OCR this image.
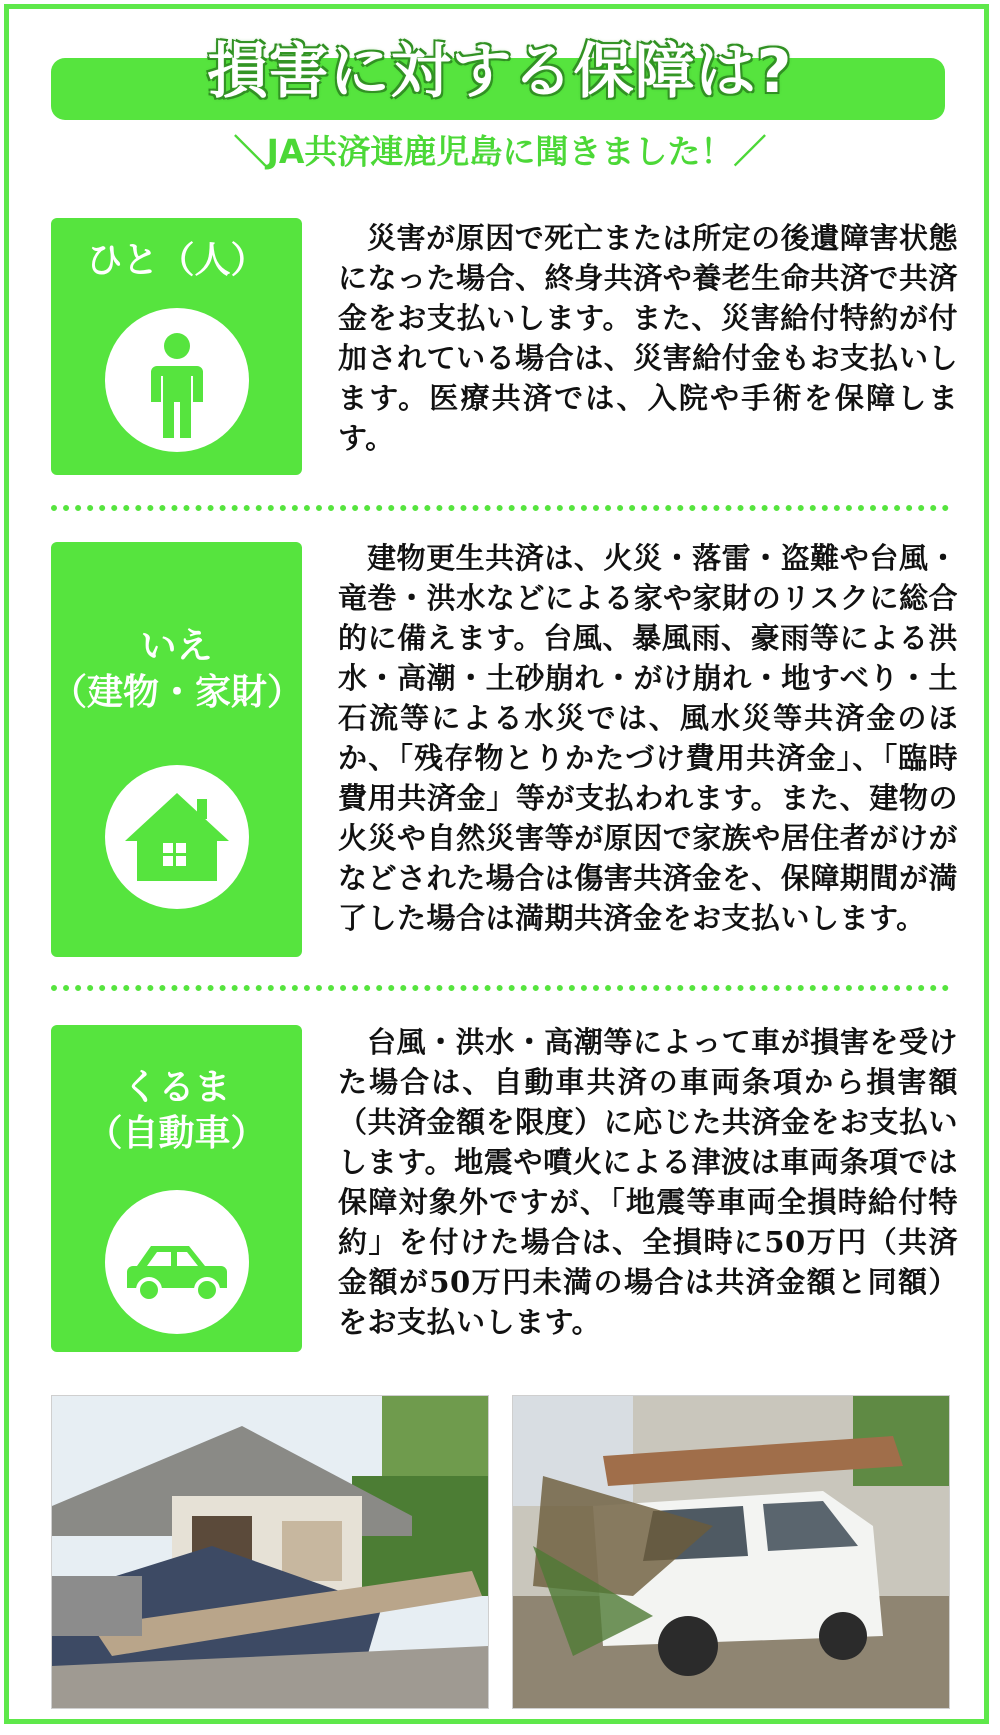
損害に対する保障は?
＼JA共済連鹿児島に聞きました！／
ひと（人）
災害が原因で死亡または所定の後遺障害状態になった場合、終身共済や養老生命共済で共済金をお支払いします。また、災害給付特約が付加されている場合は、災害給付金もお支払いします。医療共済では、入院や手術を保障します。
いえ
（建物・家財）
建物更生共済は、火災・落雷・盗難や台風・竜巻・洪水などによる家や家財のリスクに総合的に備えます。台風、暴風雨、豪雨等による洪水・高潮・土砂崩れ・がけ崩れ・地すべり・土石流等による水災では、風水災等共済金のほか、「残存物とりかたづけ費用共済金」、「臨時費用共済金」等が支払われます。また、建物の火災や自然災害等が原因で家族や居住者がけがなどされた場合は傷害共済金を、保障期間が満了した場合は満期共済金をお支払いします。
くるま
（自動車）
台風・洪水・高潮等によって車が損害を受けた場合は、自動車共済の車両条項から損害額（共済金額を限度）に応じた共済金をお支払いします。地震や噴火による津波は車両条項では保障対象外ですが、「地震等車両全損時給付特約」を付けた場合は、全損時に50万円（共済金額が50万円未満の場合は共済金額と同額）をお支払いします。
